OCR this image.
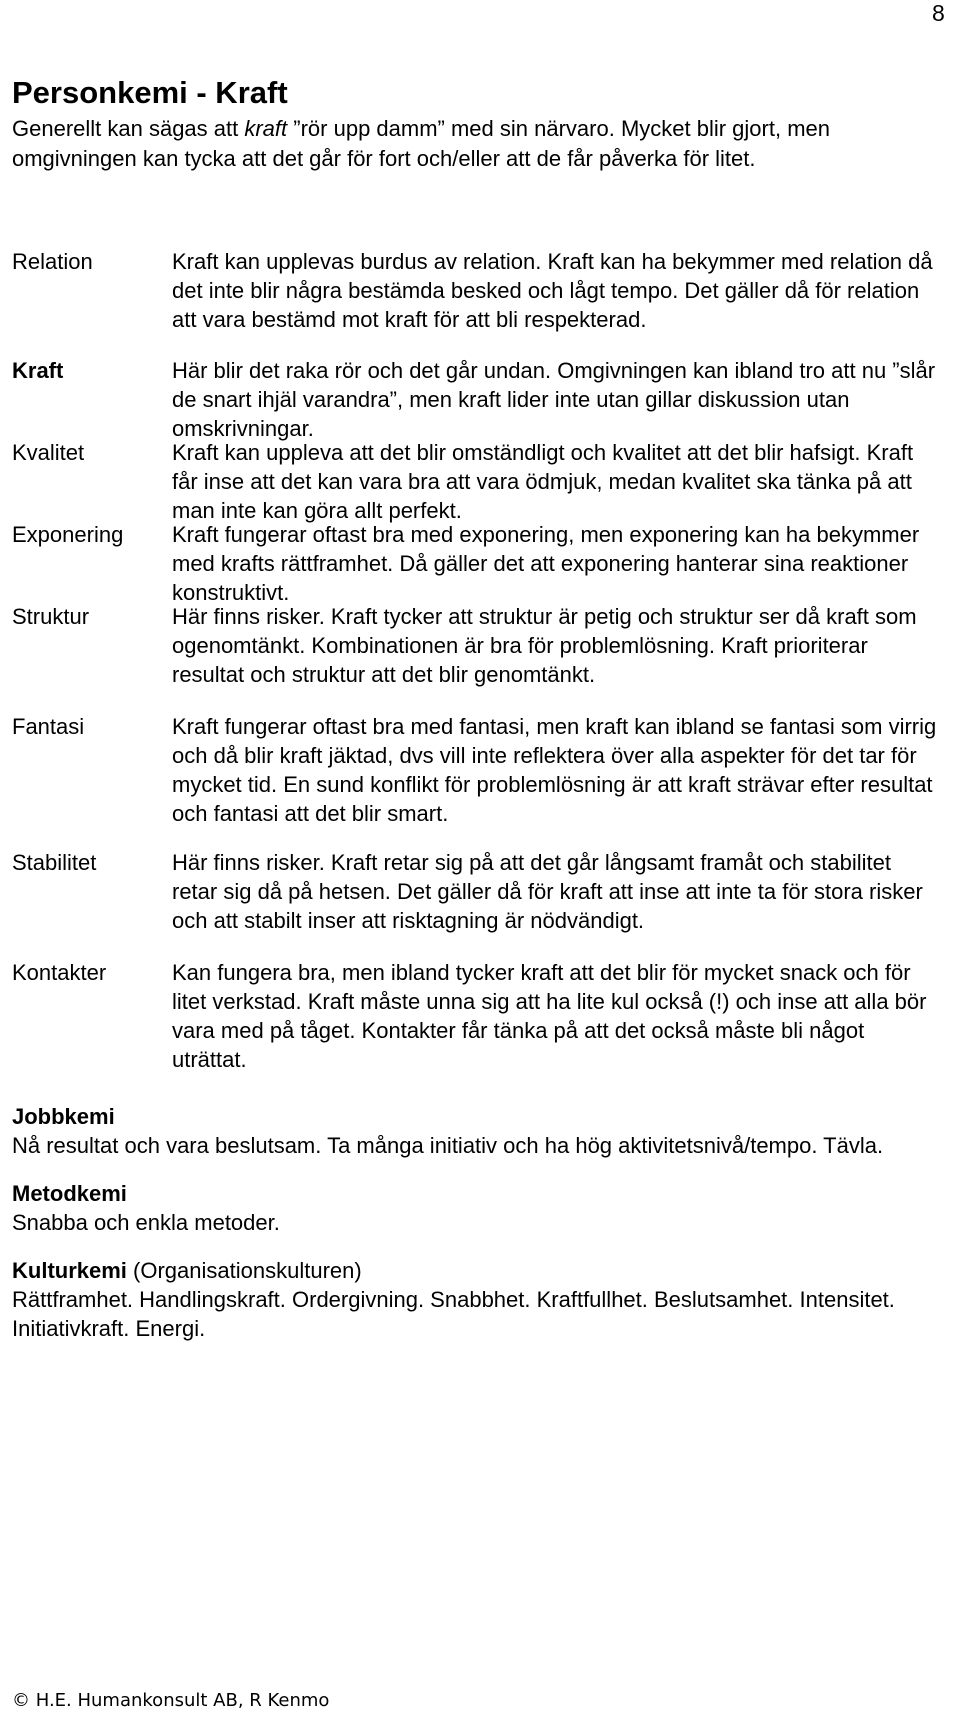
8
Personkemi - Kraft

Generellt kan sägas att kraft ”rör upp damm” med sin närvaro. Mycket blir gjort, men omgivningen kan tycka att det går för fort och/eller att de får påverka för litet.

Relation	Kraft kan upplevas burdus av relation. Kraft kan ha bekymmer med relation då det inte blir några bestämda besked och lågt tempo. Det gäller då för relation att vara bestämd mot kraft för att bli respekterad.
Kraft	Här blir det raka rör och det går undan. Omgivningen kan ibland tro att nu ”slår de snart ihjäl varandra”, men kraft lider inte utan gillar diskussion utan omskrivningar.
Kvalitet	Kraft kan uppleva att det blir omständligt och kvalitet att det blir hafsigt. Kraft får inse att det kan vara bra att vara ödmjuk, medan kvalitet ska tänka på att man inte kan göra allt perfekt.
Exponering	Kraft fungerar oftast bra med exponering, men exponering kan ha bekymmer med krafts rättframhet. Då gäller det att exponering hanterar sina reaktioner konstruktivt.
Struktur	Här finns risker. Kraft tycker att struktur är petig och struktur ser då kraft som ogenomtänkt. Kombinationen är bra för problemlösning. Kraft prioriterar resultat och struktur att det blir genomtänkt.
Fantasi	Kraft fungerar oftast bra med fantasi, men kraft kan ibland se fantasi som virrig och då blir kraft jäktad, dvs vill inte reflektera över alla aspekter för det tar för mycket tid. En sund konflikt för problemlösning är att kraft strävar efter resultat och fantasi att det blir smart.
Stabilitet	Här finns risker. Kraft retar sig på att det går långsamt framåt och stabilitet retar sig då på hetsen. Det gäller då för kraft att inse att inte ta för stora risker och att stabilt inser att risktagning är nödvändigt.
Kontakter	Kan fungera bra, men ibland tycker kraft att det blir för mycket snack och för litet verkstad. Kraft måste unna sig att ha lite kul också (!) och inse att alla bör vara med på tåget. Kontakter får tänka på att det också måste bli något uträttat.
Jobbkemi
Nå resultat och vara beslutsam. Ta många initiativ och ha hög aktivitetsnivå/tempo. Tävla.
Metodkemi
Snabba och enkla metoder.
Kulturkemi (Organisationskulturen)
Rättframhet. Handlingskraft. Ordergivning. Snabbhet. Kraftfullhet. Beslutsamhet. Intensitet. Initiativkraft. Energi.
© H.E. Humankonsult AB, R Kenmo
